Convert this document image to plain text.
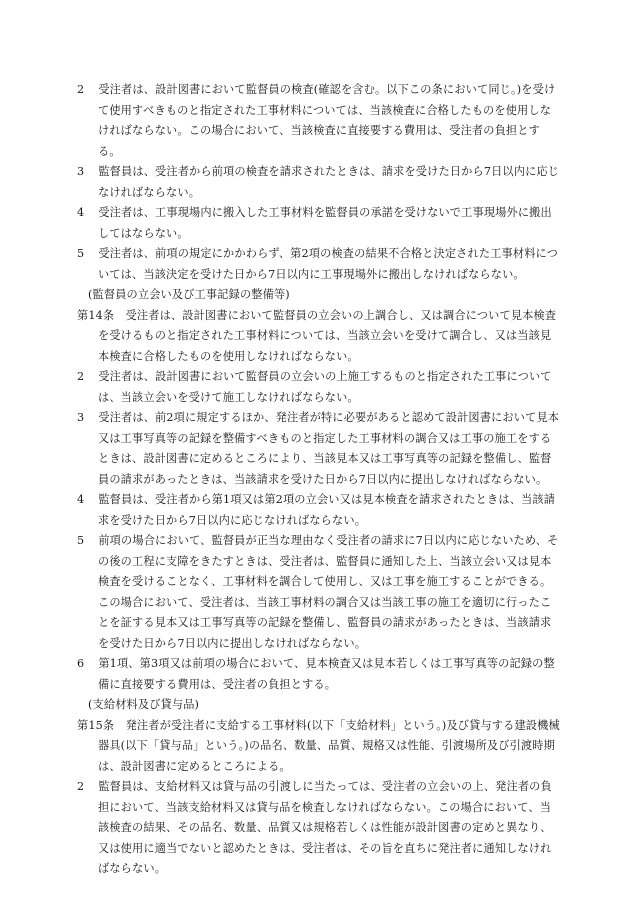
2　 受注者は、設計図書において監督員の検査(確認を含む。以下この条において同じ。)を受けて使用すべきものと指定された工事材料については、当該検査に合格したものを使用しなければならない。この場合において、当該検査に直接要する費用は、受注者の負担とする。

3　 監督員は、受注者から前項の検査を請求されたときは、請求を受けた日から7日以内に応じなければならない。

4　 受注者は、工事現場内に搬入した工事材料を監督員の承諾を受けないで工事現場外に搬出してはならない。

5　 受注者は、前項の規定にかかわらず、第2項の検査の結果不合格と決定された工事材料については、当該決定を受けた日から7日以内に工事現場外に搬出しなければならない。

(監督員の立会い及び工事記録の整備等)

第14条　 受注者は、設計図書において監督員の立会いの上調合し、又は調合について見本検査を受けるものと指定された工事材料については、当該立会いを受けて調合し、又は当該見本検査に合格したものを使用しなければならない。

2　 受注者は、設計図書において監督員の立会いの上施工するものと指定された工事については、当該立会いを受けて施工しなければならない。

3　 受注者は、前2項に規定するほか、発注者が特に必要があると認めて設計図書において見本又は工事写真等の記録を整備すべきものと指定した工事材料の調合又は工事の施工をするときは、設計図書に定めるところにより、当該見本又は工事写真等の記録を整備し、監督員の請求があったときは、当該請求を受けた日から7日以内に提出しなければならない。

4　 監督員は、受注者から第1項又は第2項の立会い又は見本検査を請求されたときは、当該請求を受けた日から7日以内に応じなければならない。

5　 前項の場合において、監督員が正当な理由なく受注者の請求に7日以内に応じないため、その後の工程に支障をきたすときは、受注者は、監督員に通知した上、当該立会い又は見本検査を受けることなく、工事材料を調合して使用し、又は工事を施工することができる。この場合において、受注者は、当該工事材料の調合又は当該工事の施工を適切に行ったことを証する見本又は工事写真等の記録を整備し、監督員の請求があったときは、当該請求を受けた日から7日以内に提出しなければならない。

6　 第1項、第3項又は前項の場合において、見本検査又は見本若しくは工事写真等の記録の整備に直接要する費用は、受注者の負担とする。

(支給材料及び貸与品)

第15条　 発注者が受注者に支給する工事材料(以下「支給材料」という。)及び貸与する建設機械器具(以下「貸与品」という。)の品名、数量、品質、規格又は性能、引渡場所及び引渡時期は、設計図書に定めるところによる。

2　 監督員は、支給材料又は貸与品の引渡しに当たっては、受注者の立会いの上、発注者の負担において、当該支給材料又は貸与品を検査しなければならない。この場合において、当該検査の結果、その品名、数量、品質又は規格若しくは性能が設計図書の定めと異なり、又は使用に適当でないと認めたときは、受注者は、その旨を直ちに発注者に通知しなければならない。
